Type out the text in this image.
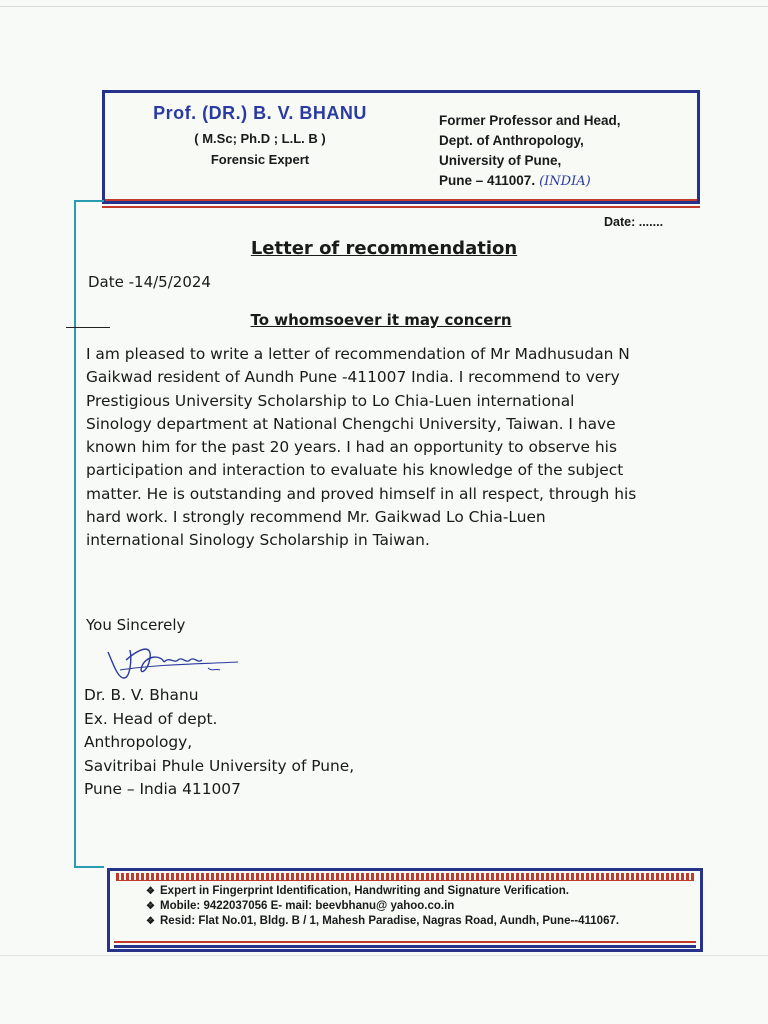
Prof. (DR.) B. V. BHANU
( M.Sc; Ph.D ; L.L. B )
Forensic Expert
Former Professor and Head,
Dept. of Anthropology,
University of Pune,
Pune – 411007. (INDIA)
Date: .......
Letter of recommendation
Date -14/5/2024
To whomsoever it may concern
I am pleased to write a letter of recommendation of Mr Madhusudan N
Gaikwad resident of Aundh Pune -411007 India. I recommend to very
Prestigious University Scholarship to Lo Chia-Luen international
Sinology department at National Chengchi University, Taiwan. I have
known him for the past 20 years. I had an opportunity to observe his
participation and interaction to evaluate his knowledge of the subject
matter. He is outstanding and proved himself in all respect, through his
hard work. I strongly recommend Mr. Gaikwad Lo Chia-Luen
international Sinology Scholarship in Taiwan.
You Sincerely
Dr. B. V. Bhanu
Ex. Head of dept.
Anthropology,
Savitribai Phule University of Pune,
Pune – India 411007
❖ Expert in Fingerprint Identification, Handwriting and Signature Verification.
❖ Mobile: 9422037056 E- mail: beevbhanu@ yahoo.co.in
❖ Resid: Flat No.01, Bldg. B / 1, Mahesh Paradise, Nagras Road, Aundh, Pune--411067.
